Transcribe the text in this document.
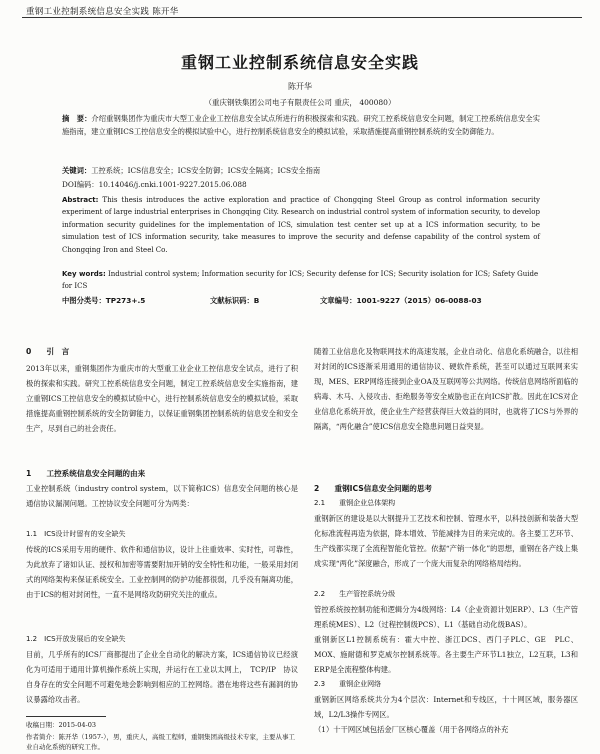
重钢工业控制系统信息安全实践 陈开华
重钢工业控制系统信息安全实践
陈开华
（重庆钢铁集团公司电子有限责任公司 重庆， 400080）

摘　要：介绍重钢集团作为重庆市大型工业企业工控信息安全试点所进行的积极探索和实践。研究工控系统信息安全问题，制定工控系统信息安全实施指南，建立重钢ICS工控信息安全的模拟试验中心，进行控制系统信息安全的模拟试验，采取措施提高重钢控制系统的安全防御能力。

关键词：工控系统；ICS信息安全；ICS安全防御；ICS安全隔离；ICS安全指南

DOI编码：10.14046/j.cnki.1001-9227.2015.06.088

Abstract: This thesis introduces the active exploration and practice of Chongqing Steel Group as control information security experiment of large industrial enterprises in Chongqing City. Research on industrial control system of information security, to develop information security guidelines for the implementation of ICS, simulation test center set up at a ICS information security, to be simulation test of ICS information security, take measures to improve the security and defense capability of the control system of Chongqing Iron and Steel Co.

Key words: Industrial control system; Information security for ICS; Security defense for ICS; Security isolation for ICS; Safety Guide for ICS

中图分类号：TP273+.5	文献标识码：B	文章编号：1001-9227（2015）06-0088-03
0　　引　言

2013年以来，重钢集团作为重庆市的大型重工业企业工控信息安全试点，进行了积极的探索和实践。研究工控系统信息安全问题，制定工控系统信息安全实施指南，建立重钢ICS工控信息安全的模拟试验中心，进行控制系统信息安全的模拟试验，采取措施提高重钢控制系统的安全防御能力，以保证重钢集团控制系统的信息安全和安全生产，尽到自己的社会责任。

1　　工控系统信息安全问题的由来

工业控制系统（industry control system，以下简称ICS）信息安全问题的核心是通信协议漏洞问题。工控协议安全问题可分为两类：

1.1　ICS设计时留有的安全缺失

传统的ICS采用专用的硬件、软件和通信协议，设计上往重效率、实时性，可靠性，为此放弃了诸如认证、授权和加密等需要附加开销的安全特性和功能，一般采用封闭式的网络架构来保证系统安全。工业控制网的防护功能都很弱，几乎没有隔离功能，由于ICS的相对封闭性，一直不是网络攻防研究关注的重点。

1.2　ICS开放发展后的安全缺失

目前，几乎所有的ICS厂商都提出了企业全自动化的解决方案，ICS通信协议已经演化为可适用于通用计算机操作系统上实现，并运行在工业以太网上，　TCP/IP　协议自身存在的安全问题不可避免地会影响到相应的工控网络。潜在地将这些有漏洞的协议暴露给攻击者。

收稿日期：2015-04-03
作者简介：陈开华（1957-），男，重庆人，高级工程师，重钢集团高级技术专家，主要从事工业自动化系统的研究工作。

随着工业信息化及物联网技术的高速发展，企业自动化、信息化系统融合，以往相对封闭的ICS逐渐采用通用的通信协议、硬软件系统，甚至可以通过互联网来实现，MES、ERP网络连接到企业OA及互联网等公共网络。传统信息网络所面临的病毒、木马、入侵攻击、拒绝服务等安全威胁也正在向ICS扩散。因此在ICS对企业信息化系统开放，使企业生产经营获得巨大效益的同时，也就将了ICS与外界的隔离，“两化融合”使ICS信息安全隐患问题日益突显。

2　　重钢ICS信息安全问题的思考
2.1　　重钢企业总体架构

重钢新区的建设是以大钢提升工艺技术和控制、管理水平，以科技创新和装备大型化标准流程再造为依据，降本增效、节能减排为目的来完成的。各主要工艺环节、生产线都实现了全流程智能化管控。依据“产销一体化”的思想，重钢在各产线上集成实现“两化”深度融合，形成了一个庞大而复杂的网络格局结构。

2.2　　生产管控系统分级

管控系统按控制功能和逻辑分为4级网络：L4（企业资源计划ERP）、L3（生产管理系统MES）、L2（过程控制级PCS）、L1（基础自动化级BAS）。

重钢新区L1控制系统有：霍大中控、浙江DCS、西门子PLC、GE　PLC、MOX、施耐德和罗克威尔控制系统等。各主要生产环节L1独立，L2互联，L3和ERP是全流程整体构建。

2.3　　重钢企业网络

重钢新区网络系统共分为4个层次：Internet和专线区，十十网区域，服务器区域，L2/L3操作专网区。

（1）十干网区域包括金厂区核心覆盖（用于各网络点的补充
